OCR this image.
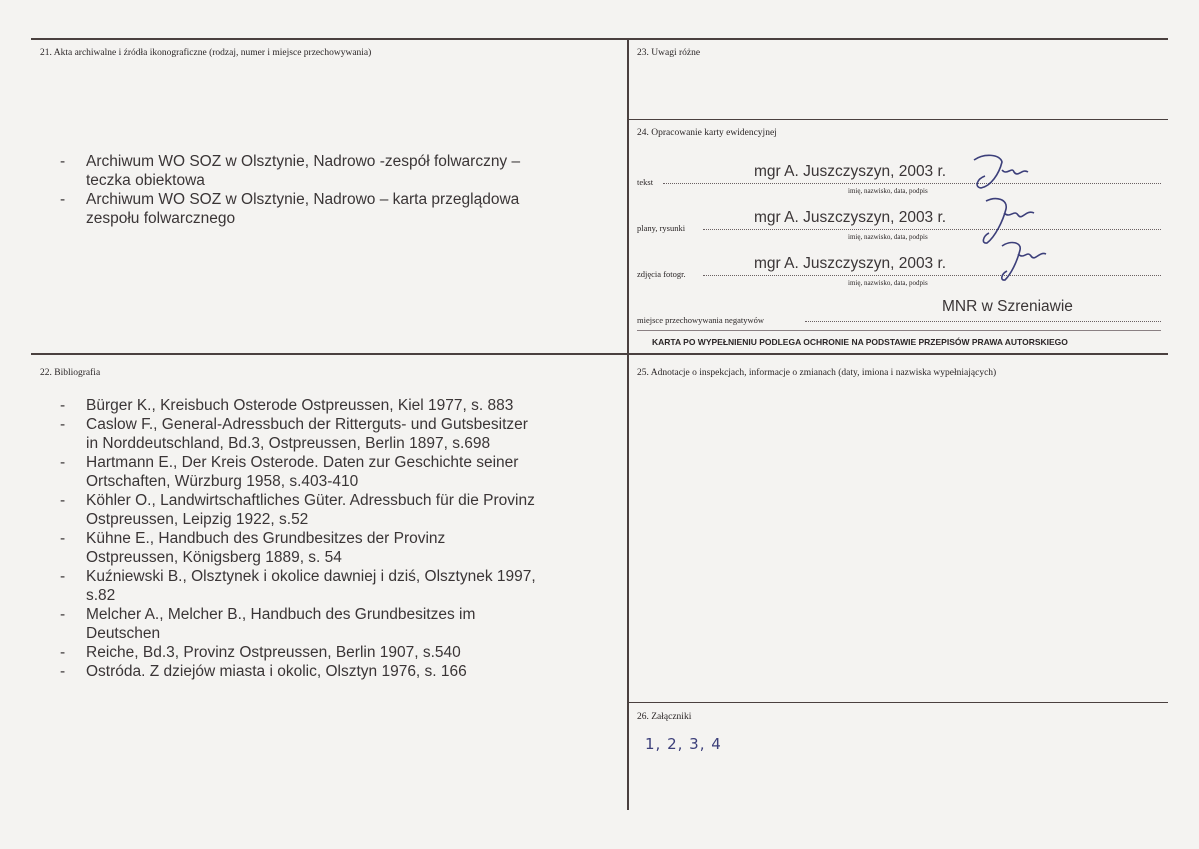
21. Akta archiwalne i źródła ikonograficzne (rodzaj, numer i miejsce przechowywania)
- Archiwum WO SOZ w Olsztynie, Nadrowo -zespół folwarczny –
teczka obiektowa
- Archiwum WO SOZ w Olsztynie, Nadrowo – karta przeglądowa
zespołu folwarcznego
23. Uwagi różne
24. Opracowanie karty ewidencyjnej
tekst
mgr A. Juszczyszyn, 2003 r.
imię, nazwisko, data, podpis
plany, rysunki
mgr A. Juszczyszyn, 2003 r.
imię, nazwisko, data, podpis
zdjęcia fotogr.
mgr A. Juszczyszyn, 2003 r.
imię, nazwisko, data, podpis
miejsce przechowywania negatywów
MNR w Szreniawie
KARTA PO WYPEŁNIENIU PODLEGA OCHRONIE NA PODSTAWIE PRZEPISÓW PRAWA AUTORSKIEGO
22. Bibliografia
- Bürger K., Kreisbuch Osterode Ostpreussen, Kiel 1977, s. 883
- Caslow F., General-Adressbuch der Ritterguts- und Gutsbesitzer
in Norddeutschland, Bd.3, Ostpreussen, Berlin 1897, s.698
- Hartmann E., Der Kreis Osterode. Daten zur Geschichte seiner
Ortschaften, Würzburg 1958, s.403-410
- Köhler O., Landwirtschaftliches Güter. Adressbuch für die Provinz
Ostpreussen, Leipzig 1922, s.52
- Kühne E., Handbuch des Grundbesitzes der Provinz
Ostpreussen, Königsberg 1889, s. 54
- Kuźniewski B., Olsztynek i okolice dawniej i dziś, Olsztynek 1997,
s.82
- Melcher A., Melcher B., Handbuch des Grundbesitzes im
Deutschen
- Reiche, Bd.3, Provinz Ostpreussen, Berlin 1907, s.540
- Ostróda. Z dziejów miasta i okolic, Olsztyn 1976, s. 166
25. Adnotacje o inspekcjach, informacje o zmianach (daty, imiona i nazwiska wypełniających)
26. Załączniki
1, 2, 3, 4
